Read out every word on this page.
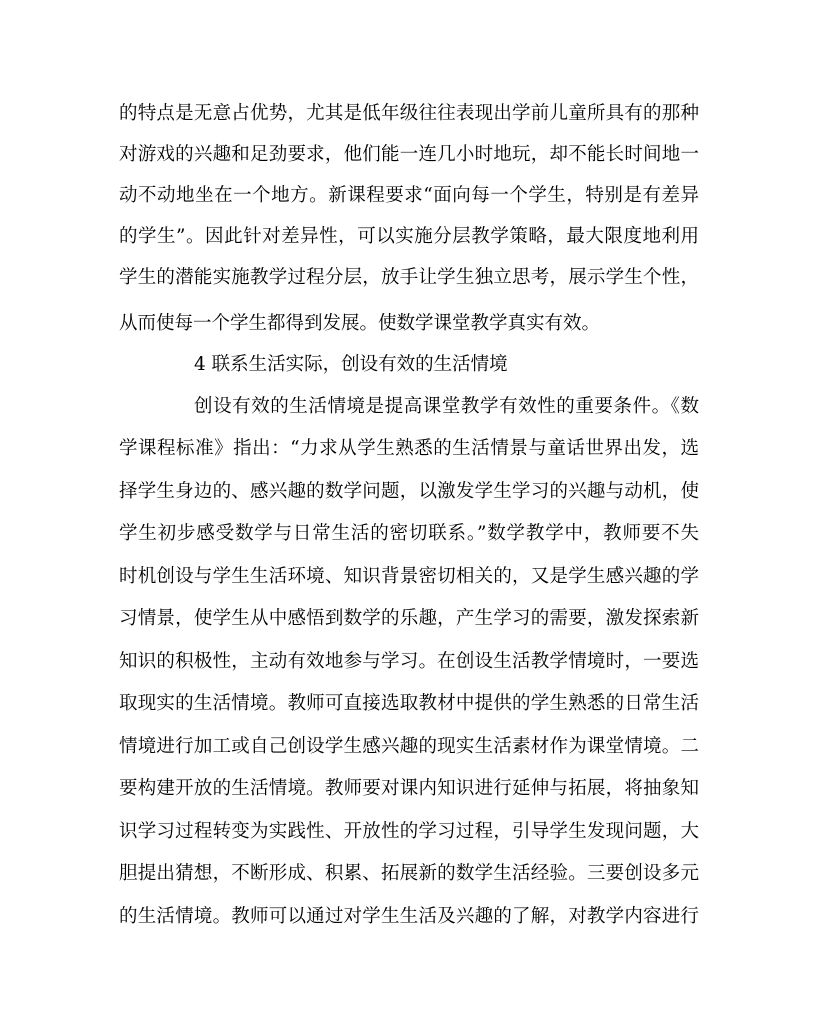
的特点是无意占优势，尤其是低年级往往表现出学前儿童所具有的那种
对游戏的兴趣和足劲要求，他们能一连几小时地玩，却不能长时间地一
动不动地坐在一个地方。新课程要求“面向每一个学生，特别是有差异
的学生”。因此针对差异性，可以实施分层教学策略，最大限度地利用
学生的潜能实施教学过程分层，放手让学生独立思考，展示学生个性，
从而使每一个学生都得到发展。使数学课堂教学真实有效。
4 联系生活实际，创设有效的生活情境
创设有效的生活情境是提高课堂教学有效性的重要条件。《数
学课程标准》指出：“力求从学生熟悉的生活情景与童话世界出发，选
择学生身边的、感兴趣的数学问题，以激发学生学习的兴趣与动机，使
学生初步感受数学与日常生活的密切联系。”数学教学中，教师要不失
时机创设与学生生活环境、知识背景密切相关的，又是学生感兴趣的学
习情景，使学生从中感悟到数学的乐趣，产生学习的需要，激发探索新
知识的积极性，主动有效地参与学习。在创设生活教学情境时，一要选
取现实的生活情境。教师可直接选取教材中提供的学生熟悉的日常生活
情境进行加工或自己创设学生感兴趣的现实生活素材作为课堂情境。二
要构建开放的生活情境。教师要对课内知识进行延伸与拓展，将抽象知
识学习过程转变为实践性、开放性的学习过程，引导学生发现问题，大
胆提出猜想，不断形成、积累、拓展新的数学生活经验。三要创设多元
的生活情境。教师可以通过对学生生活及兴趣的了解，对教学内容进行
